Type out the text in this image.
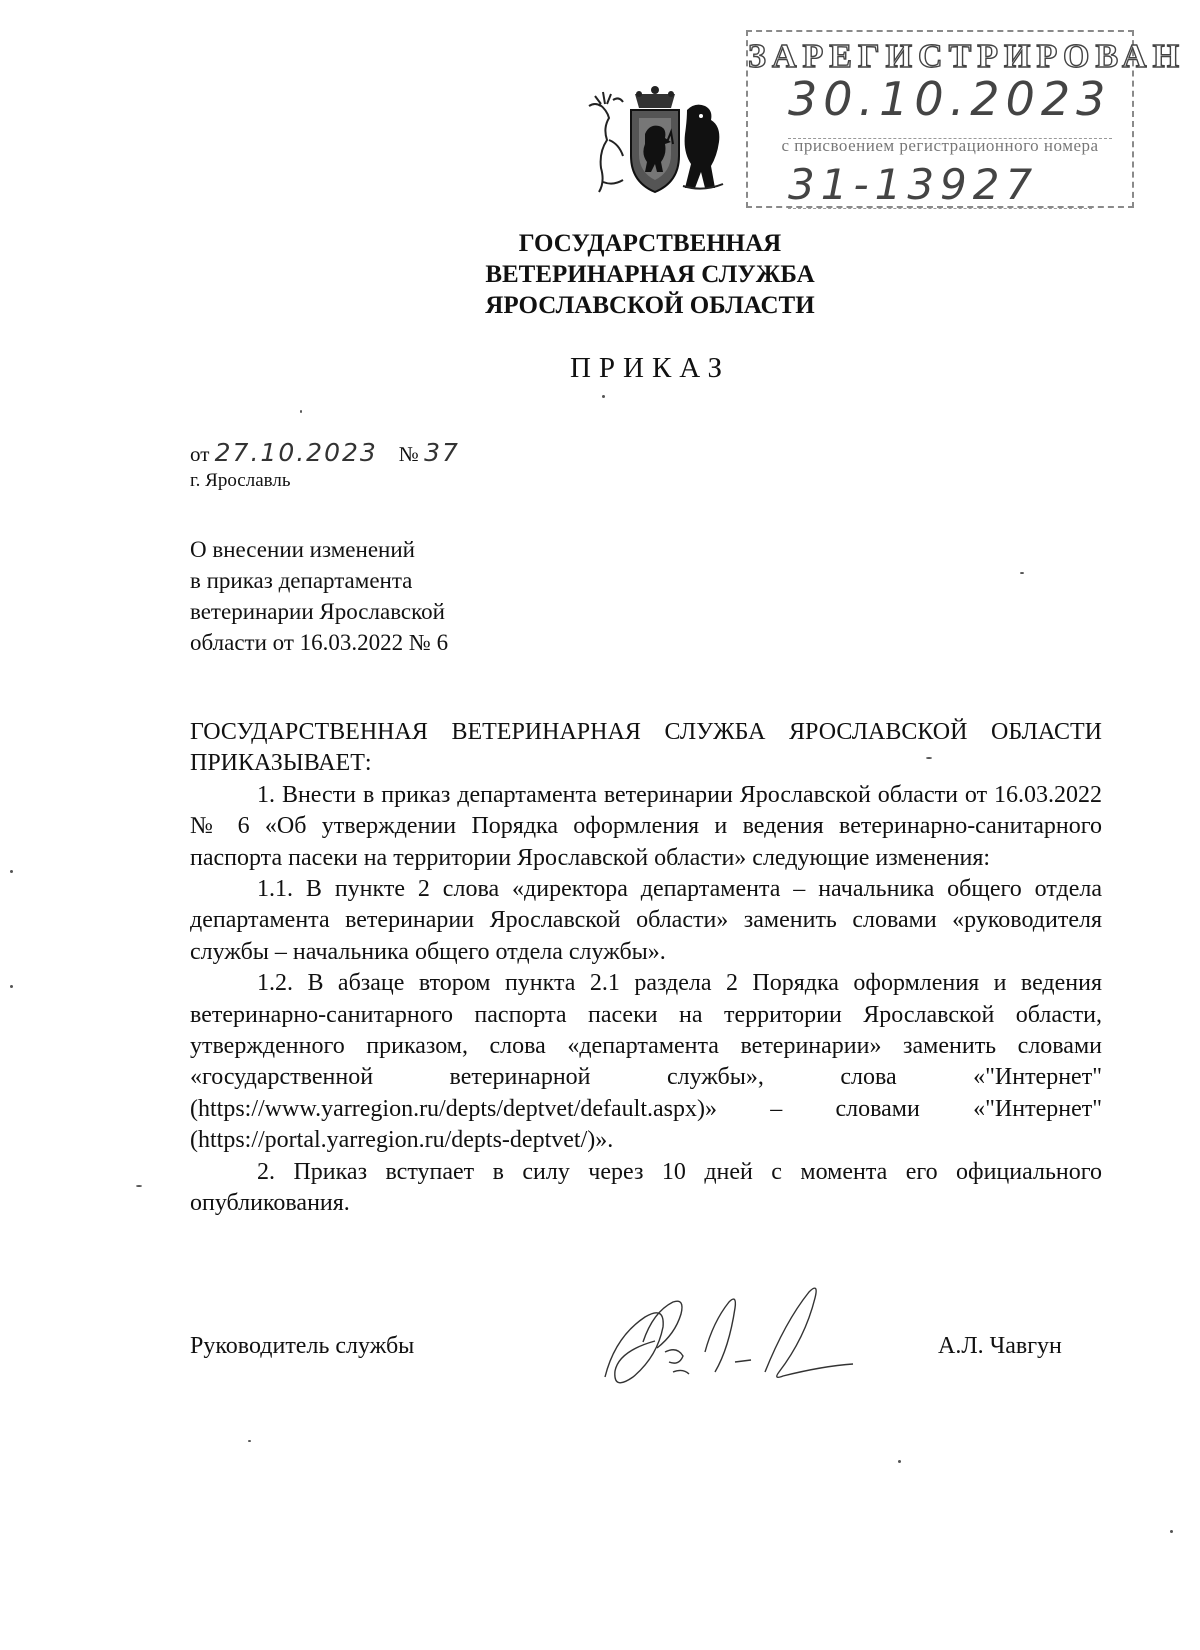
ЗАРЕГИСТРИРОВАН
30.10.2023
с присвоением регистрационного номера
31-13927
ГОСУДАРСТВЕННАЯ
ВЕТЕРИНАРНАЯ СЛУЖБА
ЯРОСЛАВСКОЙ ОБЛАСТИ
ПРИКАЗ
от 27.10.2023 № 37
г. Ярославль
О внесении изменений
в приказ департамента
ветеринарии Ярославской
области от 16.03.2022 № 6

ГОСУДАРСТВЕННАЯ ВЕТЕРИНАРНАЯ СЛУЖБА ЯРОСЛАВСКОЙ ОБЛАСТИ ПРИКАЗЫВАЕТ:

1. Внести в приказ департамента ветеринарии Ярославской области от 16.03.2022 № 6 «Об утверждении Порядка оформления и ведения ветеринарно-санитарного паспорта пасеки на территории Ярославской области» следующие изменения:

1.1. В пункте 2 слова «директора департамента – начальника общего отдела департамента ветеринарии Ярославской области» заменить словами «руководителя службы – начальника общего отдела службы».

1.2. В абзаце втором пункта 2.1 раздела 2 Порядка оформления и ведения ветеринарно-санитарного паспорта пасеки на территории Ярославской области, утвержденного приказом, слова «департамента ветеринарии» заменить словами «государственной ветеринарной службы», слова «"Интернет" (https://www.yarregion.ru/depts/deptvet/default.aspx)» – словами «"Интернет" (https://portal.yarregion.ru/depts-deptvet/)».

2. Приказ вступает в силу через 10 дней с момента его официального опубликования.

Руководитель службы	А.Л. Чавгун
